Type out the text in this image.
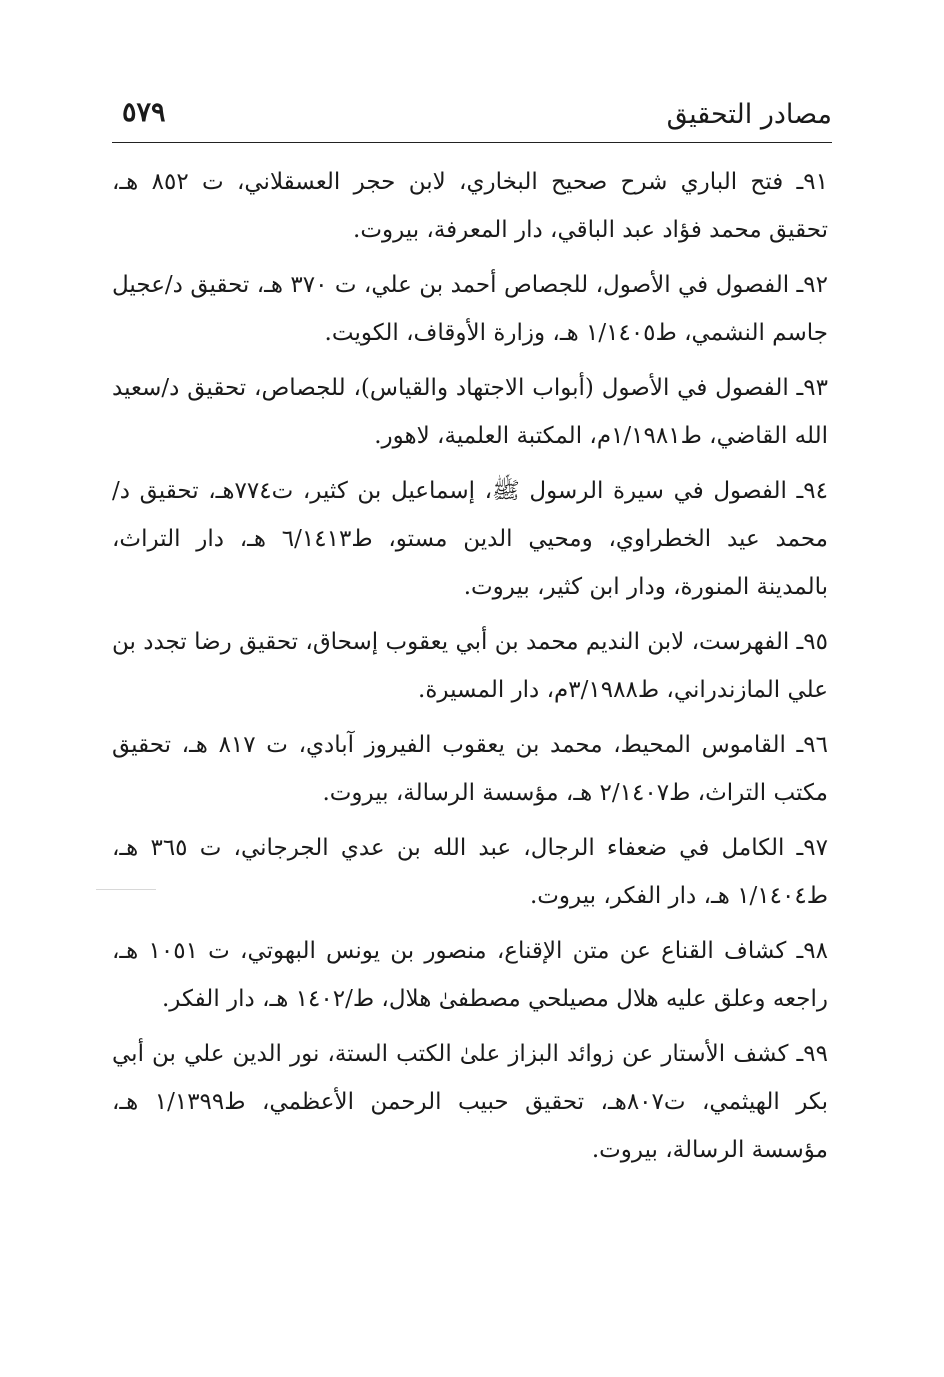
مصادر التحقيق
٥٧٩

٩١ـ فتح الباري شرح صحيح البخاري، لابن حجر العسقلاني، ت ٨٥٢ هـ، تحقيق محمد فؤاد عبد الباقي، دار المعرفة، بيروت.

٩٢ـ الفصول في الأصول، للجصاص أحمد بن علي، ت ٣٧٠ هـ، تحقيق د/عجيل جاسم النشمي، ط١/١٤٠٥ هـ، وزارة الأوقاف، الكويت.

٩٣ـ الفصول في الأصول (أبواب الاجتهاد والقياس)، للجصاص، تحقيق د/سعيد الله القاضي، ط١/١٩٨١م، المكتبة العلمية، لاهور.

٩٤ـ الفصول في سيرة الرسول ﷺ، إسماعيل بن كثير، ت٧٧٤هـ، تحقيق د/محمد عيد الخطراوي، ومحيي الدين مستو، ط٦/١٤١٣ هـ، دار التراث، بالمدينة المنورة، ودار ابن كثير، بيروت.

٩٥ـ الفهرست، لابن النديم محمد بن أبي يعقوب إسحاق، تحقيق رضا تجدد بن علي المازندراني، ط٣/١٩٨٨م، دار المسيرة.

٩٦ـ القاموس المحيط، محمد بن يعقوب الفيروز آبادي، ت ٨١٧ هـ، تحقيق مكتب التراث، ط٢/١٤٠٧ هـ، مؤسسة الرسالة، بيروت.

٩٧ـ الكامل في ضعفاء الرجال، عبد الله بن عدي الجرجاني، ت ٣٦٥ هـ، ط١/١٤٠٤ هـ، دار الفكر، بيروت.

٩٨ـ كشاف القناع عن متن الإقناع، منصور بن يونس البهوتي، ت ١٠٥١ هـ، راجعه وعلق عليه هلال مصيلحي مصطفىٰ هلال، ط/١٤٠٢ هـ، دار الفكر.

٩٩ـ كشف الأستار عن زوائد البزاز علىٰ الكتب الستة، نور الدين علي بن أبي بكر الهيثمي، ت٨٠٧هـ، تحقيق حبيب الرحمن الأعظمي، ط١/١٣٩٩ هـ، مؤسسة الرسالة، بيروت.
